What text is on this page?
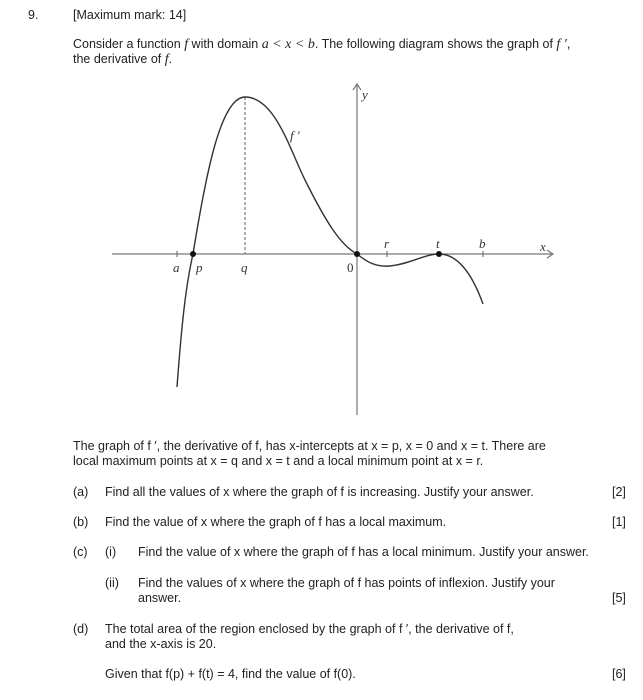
9.	[Maximum mark: 14]
Consider a function f with domain a < x < b. The following diagram shows the graph of f ′,
the derivative of f.
y
x
f ′
a p	q	0
r	t	b
The graph of f ′, the derivative of f, has x-intercepts at x = p, x = 0 and x = t. There are
local maximum points at x = q and x = t and a local minimum point at x = r.
(a) Find all the values of x where the graph of f is increasing. Justify your answer.	[2]
(b) Find the value of x where the graph of f has a local maximum.	[1]
(c) (i) Find the value of x where the graph of f has a local minimum. Justify your answer.
(ii) Find the values of x where the graph of f has points of inflexion. Justify your
answer.	[5]
(d) The total area of the region enclosed by the graph of f ′, the derivative of f,
and the x-axis is 20.
Given that f(p) + f(t) = 4, find the value of f(0).	[6]
